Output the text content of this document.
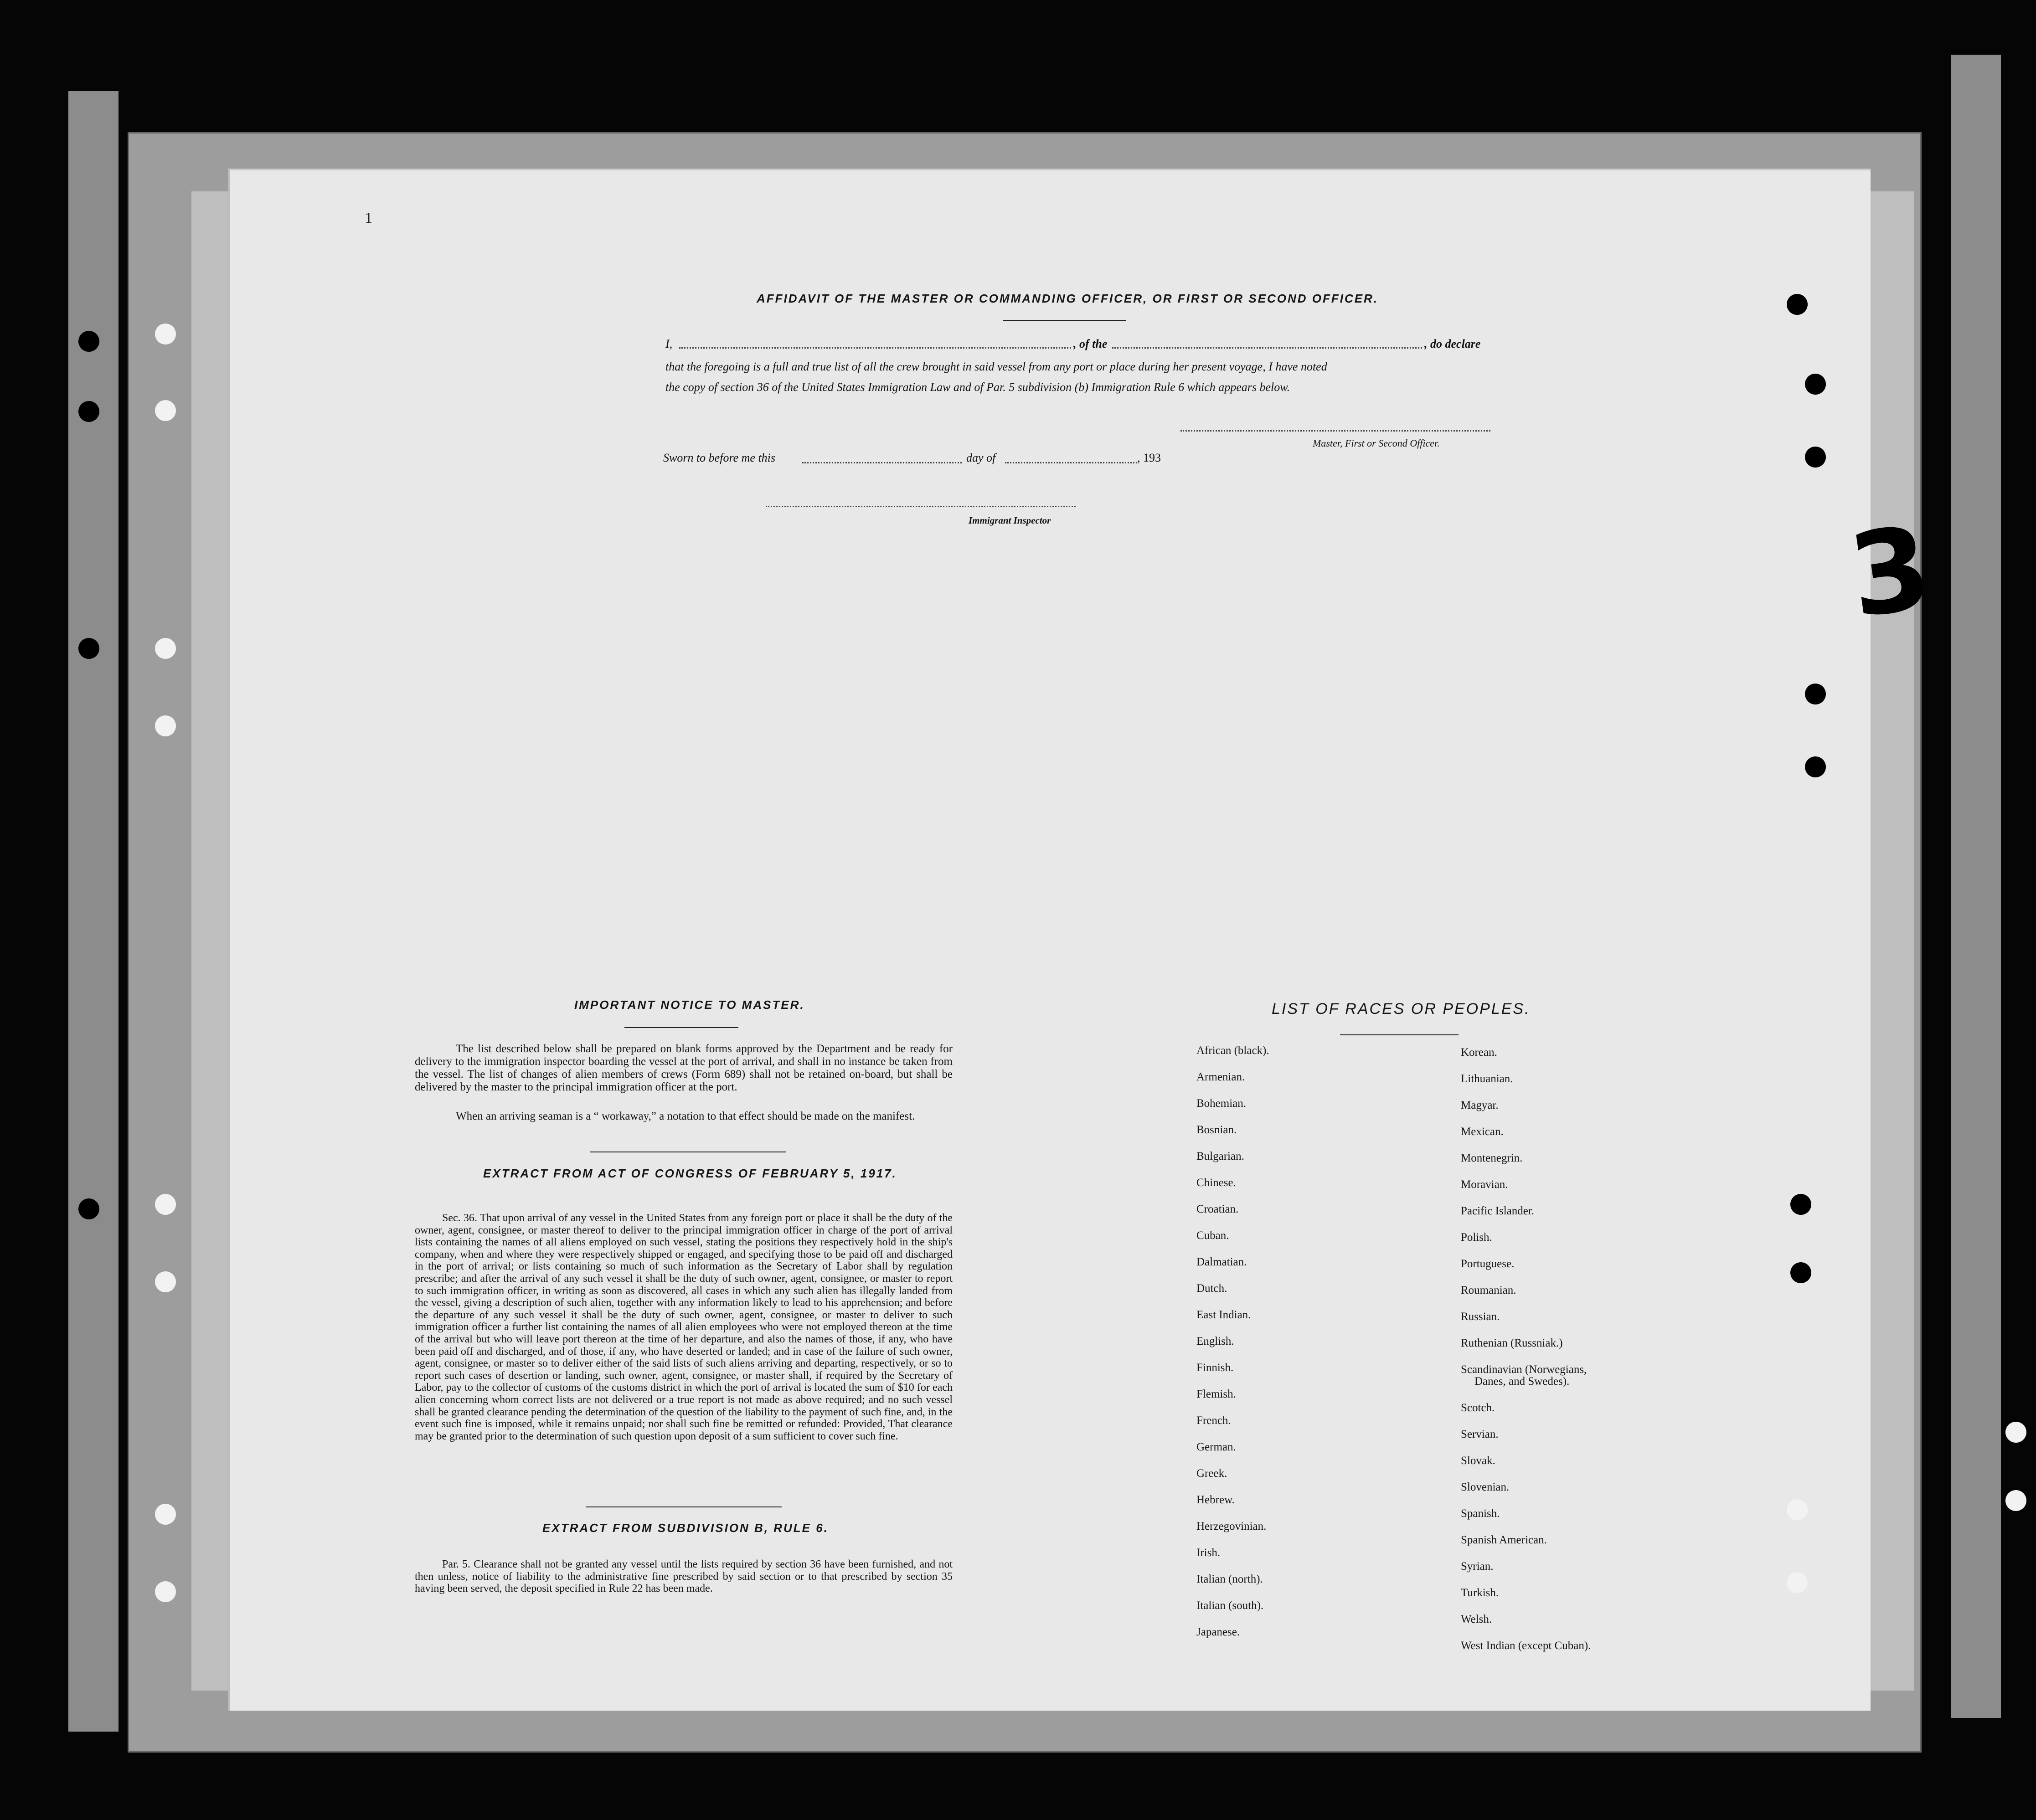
1
3
AFFIDAVIT OF THE MASTER OR COMMANDING OFFICER, OR FIRST OR SECOND OFFICER.
I,	, of the	, do declare
that the foregoing is a full and true list of all the crew brought in said vessel from any port or place during her present voyage, I have noted
the copy of section 36 of the United States Immigration Law and of Par. 5 subdivision (b) Immigration Rule 6 which appears below.
Master, First or Second Officer.
Sworn to before me this	day of	, 193
Immigrant Inspector
IMPORTANT NOTICE TO MASTER.
The list described below shall be prepared on blank forms approved by the Department and be ready for delivery to the immigration inspector boarding the vessel at the port of arrival, and shall in no instance be taken from the vessel. The list of changes of alien members of crews (Form 689) shall not be retained on-board, but shall be delivered by the master to the principal immigration officer at the port.
When an arriving seaman is a “ workaway,” a notation to that effect should be made on the manifest.
EXTRACT FROM ACT OF CONGRESS OF FEBRUARY 5, 1917.
Sec. 36. That upon arrival of any vessel in the United States from any foreign port or place it shall be the duty of the owner, agent, consignee, or master thereof to deliver to the principal immigration officer in charge of the port of arrival lists containing the names of all aliens employed on such vessel, stating the positions they respectively hold in the ship's company, when and where they were respectively shipped or engaged, and specifying those to be paid off and discharged in the port of arrival; or lists containing so much of such information as the Secretary of Labor shall by regulation prescribe; and after the arrival of any such vessel it shall be the duty of such owner, agent, consignee, or master to report to such immigration officer, in writing as soon as discovered, all cases in which any such alien has illegally landed from the vessel, giving a description of such alien, together with any information likely to lead to his apprehension; and before the departure of any such vessel it shall be the duty of such owner, agent, consignee, or master to deliver to such immigration officer a further list containing the names of all alien employees who were not employed thereon at the time of the arrival but who will leave port thereon at the time of her departure, and also the names of those, if any, who have been paid off and discharged, and of those, if any, who have deserted or landed; and in case of the failure of such owner, agent, consignee, or master so to deliver either of the said lists of such aliens arriving and departing, respectively, or so to report such cases of desertion or landing, such owner, agent, consignee, or master shall, if required by the Secretary of Labor, pay to the collector of customs of the customs district in which the port of arrival is located the sum of $10 for each alien concerning whom correct lists are not delivered or a true report is not made as above required; and no such vessel shall be granted clearance pending the determination of the question of the liability to the payment of such fine, and, in the event such fine is imposed, while it remains unpaid; nor shall such fine be remitted or refunded: Provided, That clearance may be granted prior to the determination of such question upon deposit of a sum sufficient to cover such fine.
EXTRACT FROM SUBDIVISION B, RULE 6.
Par. 5. Clearance shall not be granted any vessel until the lists required by section 36 have been furnished, and not then unless, notice of liability to the administrative fine prescribed by said section or to that prescribed by section 35 having been served, the deposit specified in Rule 22 has been made.
LIST OF RACES OR PEOPLES.
African (black).
Armenian.
Bohemian.
Bosnian.
Bulgarian.
Chinese.
Croatian.
Cuban.
Dalmatian.
Dutch.
East Indian.
English.
Finnish.
Flemish.
French.
German.
Greek.
Hebrew.
Herzegovinian.
Irish.
Italian (north).
Italian (south).
Japanese.
Korean.
Lithuanian.
Magyar.
Mexican.
Montenegrin.
Moravian.
Pacific Islander.
Polish.
Portuguese.
Roumanian.
Russian.
Ruthenian (Russniak.)
Scandinavian (Norwegians,
Danes, and Swedes).
Scotch.
Servian.
Slovak.
Slovenian.
Spanish.
Spanish American.
Syrian.
Turkish.
Welsh.
West Indian (except Cuban).
